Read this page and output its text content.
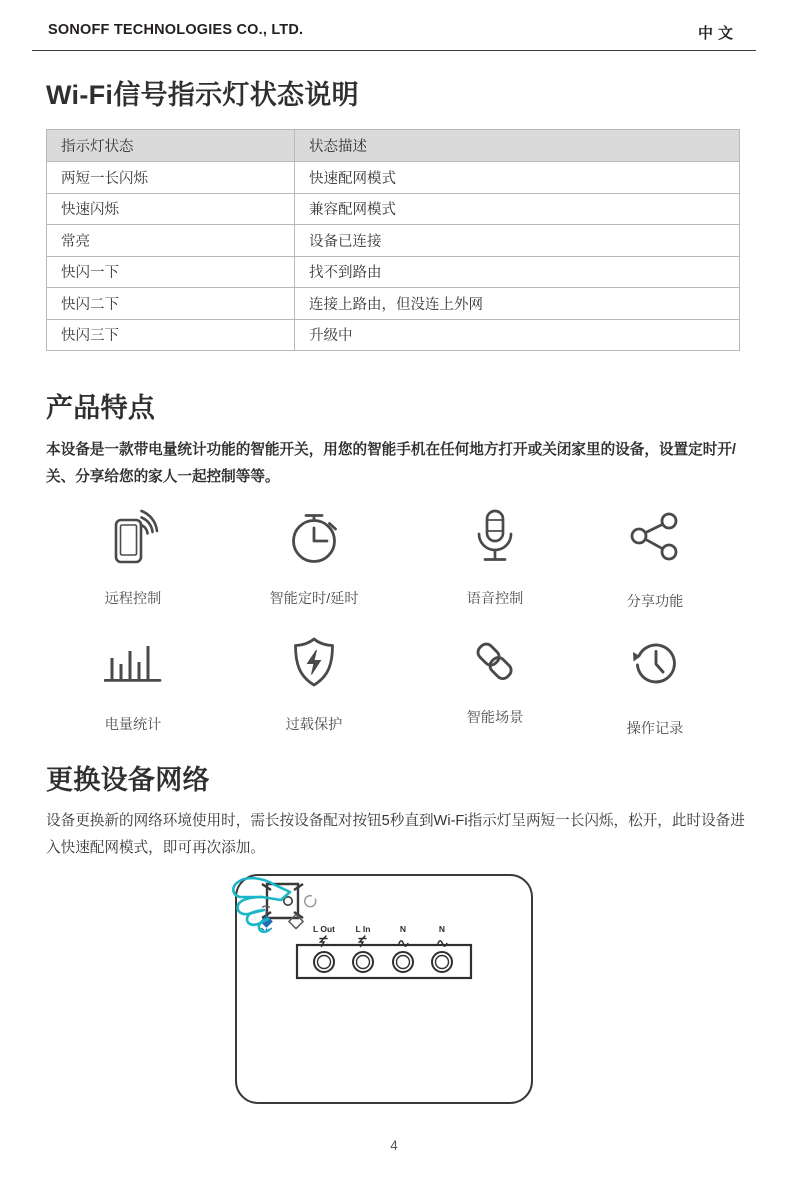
SONOFF TECHNOLOGIES CO., LTD.	中文
Wi-Fi信号指示灯状态说明
指示灯状态	状态描述
两短一长闪烁	快速配网模式
快速闪烁	兼容配网模式
常亮	设备已连接
快闪一下	找不到路由
快闪二下	连接上路由，但没连上外网
快闪三下	升级中
产品特点
本设备是一款带电量统计功能的智能开关，用您的智能手机在任何地方打开或关闭家里的设备，设置定时开/关、分享给您的家人一起控制等等。
远程控制	智能定时/延时	语音控制	分享功能
电量统计	过载保护	智能场景
操作记录
更换设备网络
设备更换新的网络环境使用时，需长按设备配对按钮5秒直到Wi-Fi指示灯呈两短一长闪烁，松开，此时设备进入快速配网模式，即可再次添加。
L Out L In	N	N
4
